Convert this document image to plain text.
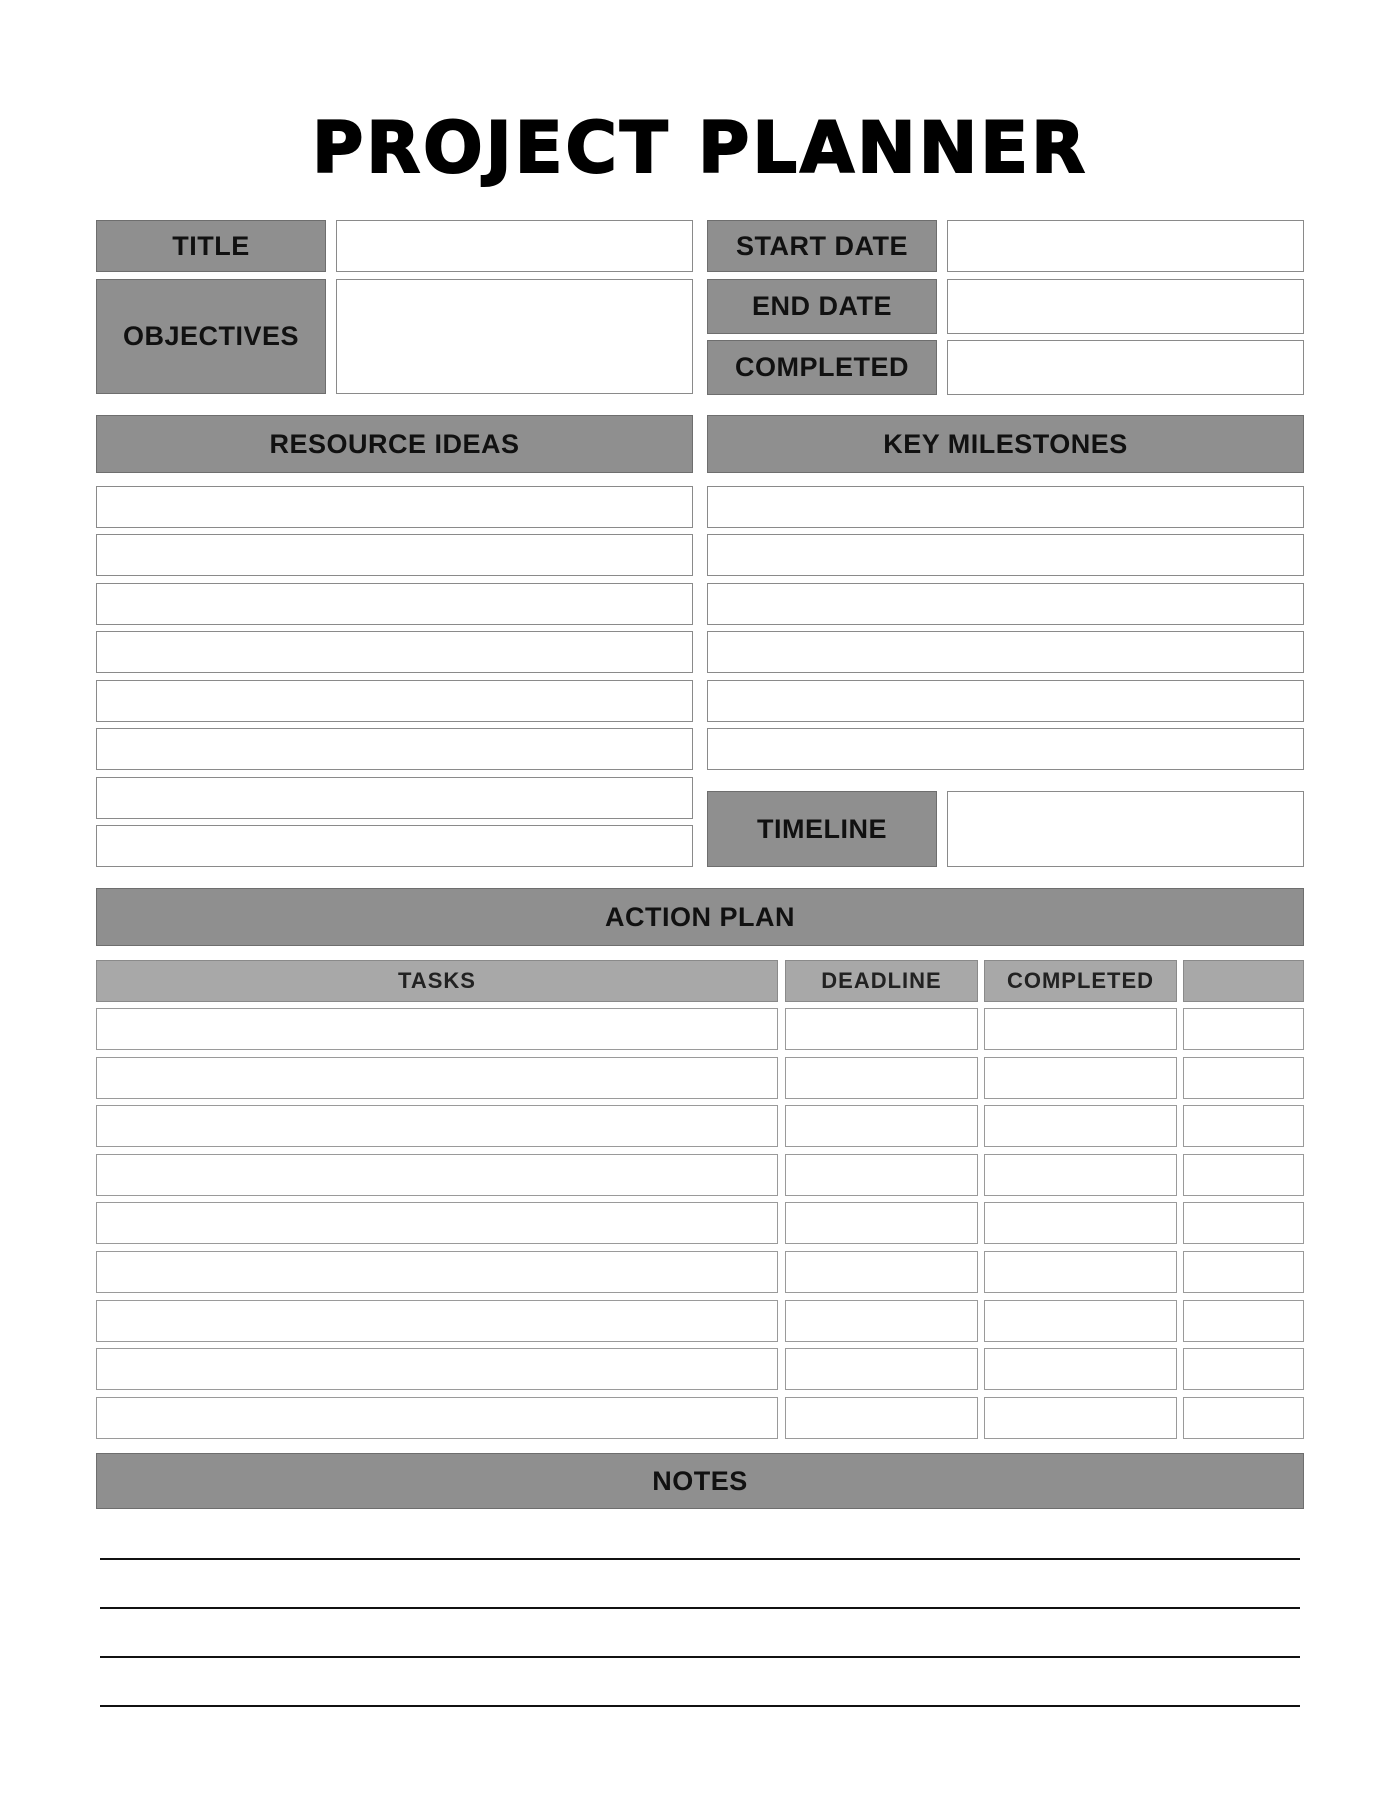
PROJECT PLANNER
TITLE
OBJECTIVES
START DATE
END DATE
COMPLETED
RESOURCE IDEAS	KEY MILESTONES
TIMELINE
ACTION PLAN
TASKS	DEADLINE	COMPLETED
NOTES
